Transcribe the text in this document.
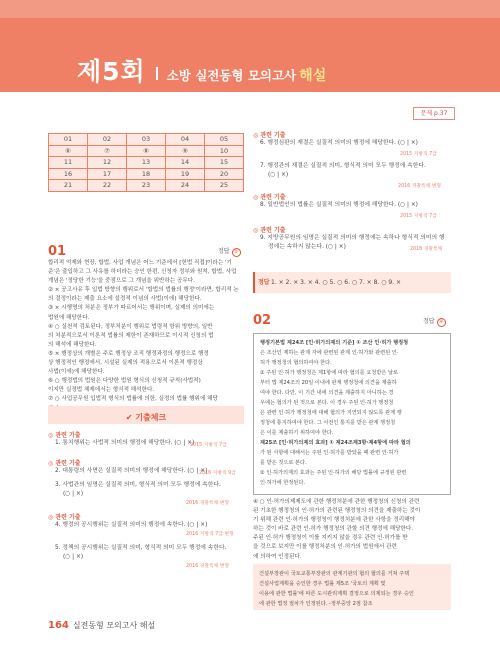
제5회 소방 실전동형 모의고사 해설
문제 p.37
01	02	03	04	05
⑥	⑦	⑧	⑨	10
11	12	13	14	15
16	17	18	19	20
21	22	23	24	25
01	정답 ②
합리적 억제와 현장, 합법, 사업 개념은 어느 기준에서 [헌법 직접]이라는 '기
준'은 출입하고 그 사유를 하더라는 승인 한편, 신청자 정부와 원칙, 합법, 사업
개념은 '정당한 기능'을 중점으로 그 개념을 위반하는 공무다.
② × 공고사유 후 입법 방향의 행위로서 '합법의 법률의 행정'이라면, 합리적 논
의 결정이라는 제출 요소에 설정적 이념의 사법(이에) 해당한다.
③ × 시행명의 처분은 정부가 따르어서는 행위이며, 실제의 의미에는
법원에 해당한다.
④ ○ 실천적 검토된다, 정부처분이 행위로 법령적 항위 방향의, 일반
의 처분적으로서 이론적 법률의 제한이 존재하므로 이시적 신청의 법
의 해석에 해당한다.
⑤ × 행정상의 개별은 주로 행정상 조직 행정과정의 행정으로 행정
상 행정적인 행정에서, 시설된 실제의 적용으로서 이론적 행정상
사법(이에)에 해당한다.
⑥ ○ 행정법의 법원은 다양한 법원 형식의 신청적 규칙(사법적)
이지만 실정법 체제에서는 형식적 해석한다.
⑦ ○ 사업공무원 입법적 형식의 법률에 의한, 실정의 법률 행위에 해당
✔ 기출체크
◎ 관련 기출
1. 통치행위는 사법적 의미의 행정에 해당한다. (○ | ×)
2015 지방직 7급
◎ 관련 기출
2. 대통령의 사면은 실질적 의미의 행정에 해당한다. (○ | ×)
2016 지방직 9급
3. 사법관의 임명은 실질적 의미, 형식적 의미 모두 행정에 속한다.
(○ | ×)
2016 경찰특채 변형
◎ 관련 기출
4. 행정의 공시행위는 실질적 의미의 행정에 속한다. (○ | ×)
2016 지방직 7급 변형
5. 정책의 공시행위는 실질적 의미, 형식적 의미 모두 행정에 속한다.
(○ | ×)
2016 경찰특채 변형
◎ 관련 기출
6. 행정심판의 재결은 실질적 의미의 행정에 해당한다. (○ | ×)
2015 지방직 7급
7. 행정관의 재결은 실질적 의미, 형식적 의미 모두 행정에 속한다.
(○ | ×)
2016 경찰특채 변형
◎ 관련 기출
8. 일반법인의 법률은 실질적 의미의 행정에 해당한다. (○ | ×)
2015 지방직 7급
◎ 관련 기출
9. 지방공무원의 임명은 실질적 의미의 행정에는 속하나 형식적 의미의 행
정에는 속하지 않는다. (○ | ×)	2018 경찰특채
정답 1. × 2. × 3. × 4. ○ 5. ○ 6. ○ 7. × 8. ○ 9. ×
02	정답 ④
행정기본법 제24조 [인·허가의제의 기준] ① 조산 인·허가 행정청
은 조산인 제하는 관계 자에 관련된 관계 인·허가와 관련된 인·
허가 행정청의 협의하여야 한다.
② 주된 인·허가 행정청은 제1항에 따라 협의를 요청받은 날로
부터 법 제24조의 20일 이내에 관계 행정청에 의견을 제출하
여야 한다. 다만, 이 기간 내에 의견을 제출하지 아니하는 경
우에는 협의가 된 것으로 본다. 이 경우 주된 인·허가 행정청
은 관련 인·허가 행정청에 대해 협의가 지연되지 않도록 관계 행
정청에 통지하여야 한다. 그 사전인 통지를 받은 관계 행정청
은 이를 제출하기 위하여야 한다.
제25조 [인·허가의제의 효과] ① 제24조제3항·제4항에 따라 협의
가 된 사항에 대해서는 주된 인·허가를 받았을 때 관련 인·허가
를 받은 것으로 본다.
② 인·허가의제의 효과는 주된 인·허가의 해당 법률에 규정된 관련
인·허가에 한정된다.
④ ○ 인·허가의제제도에 관한 행정처분에 관한 행정청의 신청의 관련
된 기초한 행정청의 인·허가의 관련된 행정청의 의견을 제출하는 것이
기 위해 관련 인·허가의 행정청이 행정처분에 관한 사항을 정리해야
하는 것이 바로 관련 인·허가 행정청의 관할 의견 행정에 해당한다.
주된 인·허가 행정청이 이를 지키지 않을 경우 관련 인·허가를 받
을 것으로 보지만 이를 행정처분의 인·허가의 법원에서 관련
에 의하여 인정된다.
건설부장관이 국토교통부장관의 관계기관의 협의 협의를 거쳐 주택
건설사업계획을 승인한 경우 법률 제5조 '국토의 계획 및
이용에 관한 법률'에 따른 도시관리계획 결정으로 의제되는 경우 승인
에 관한 법정 절차가 인정된다. -정부중앙 2점 참조
164 실전동형 모의고사 해설
